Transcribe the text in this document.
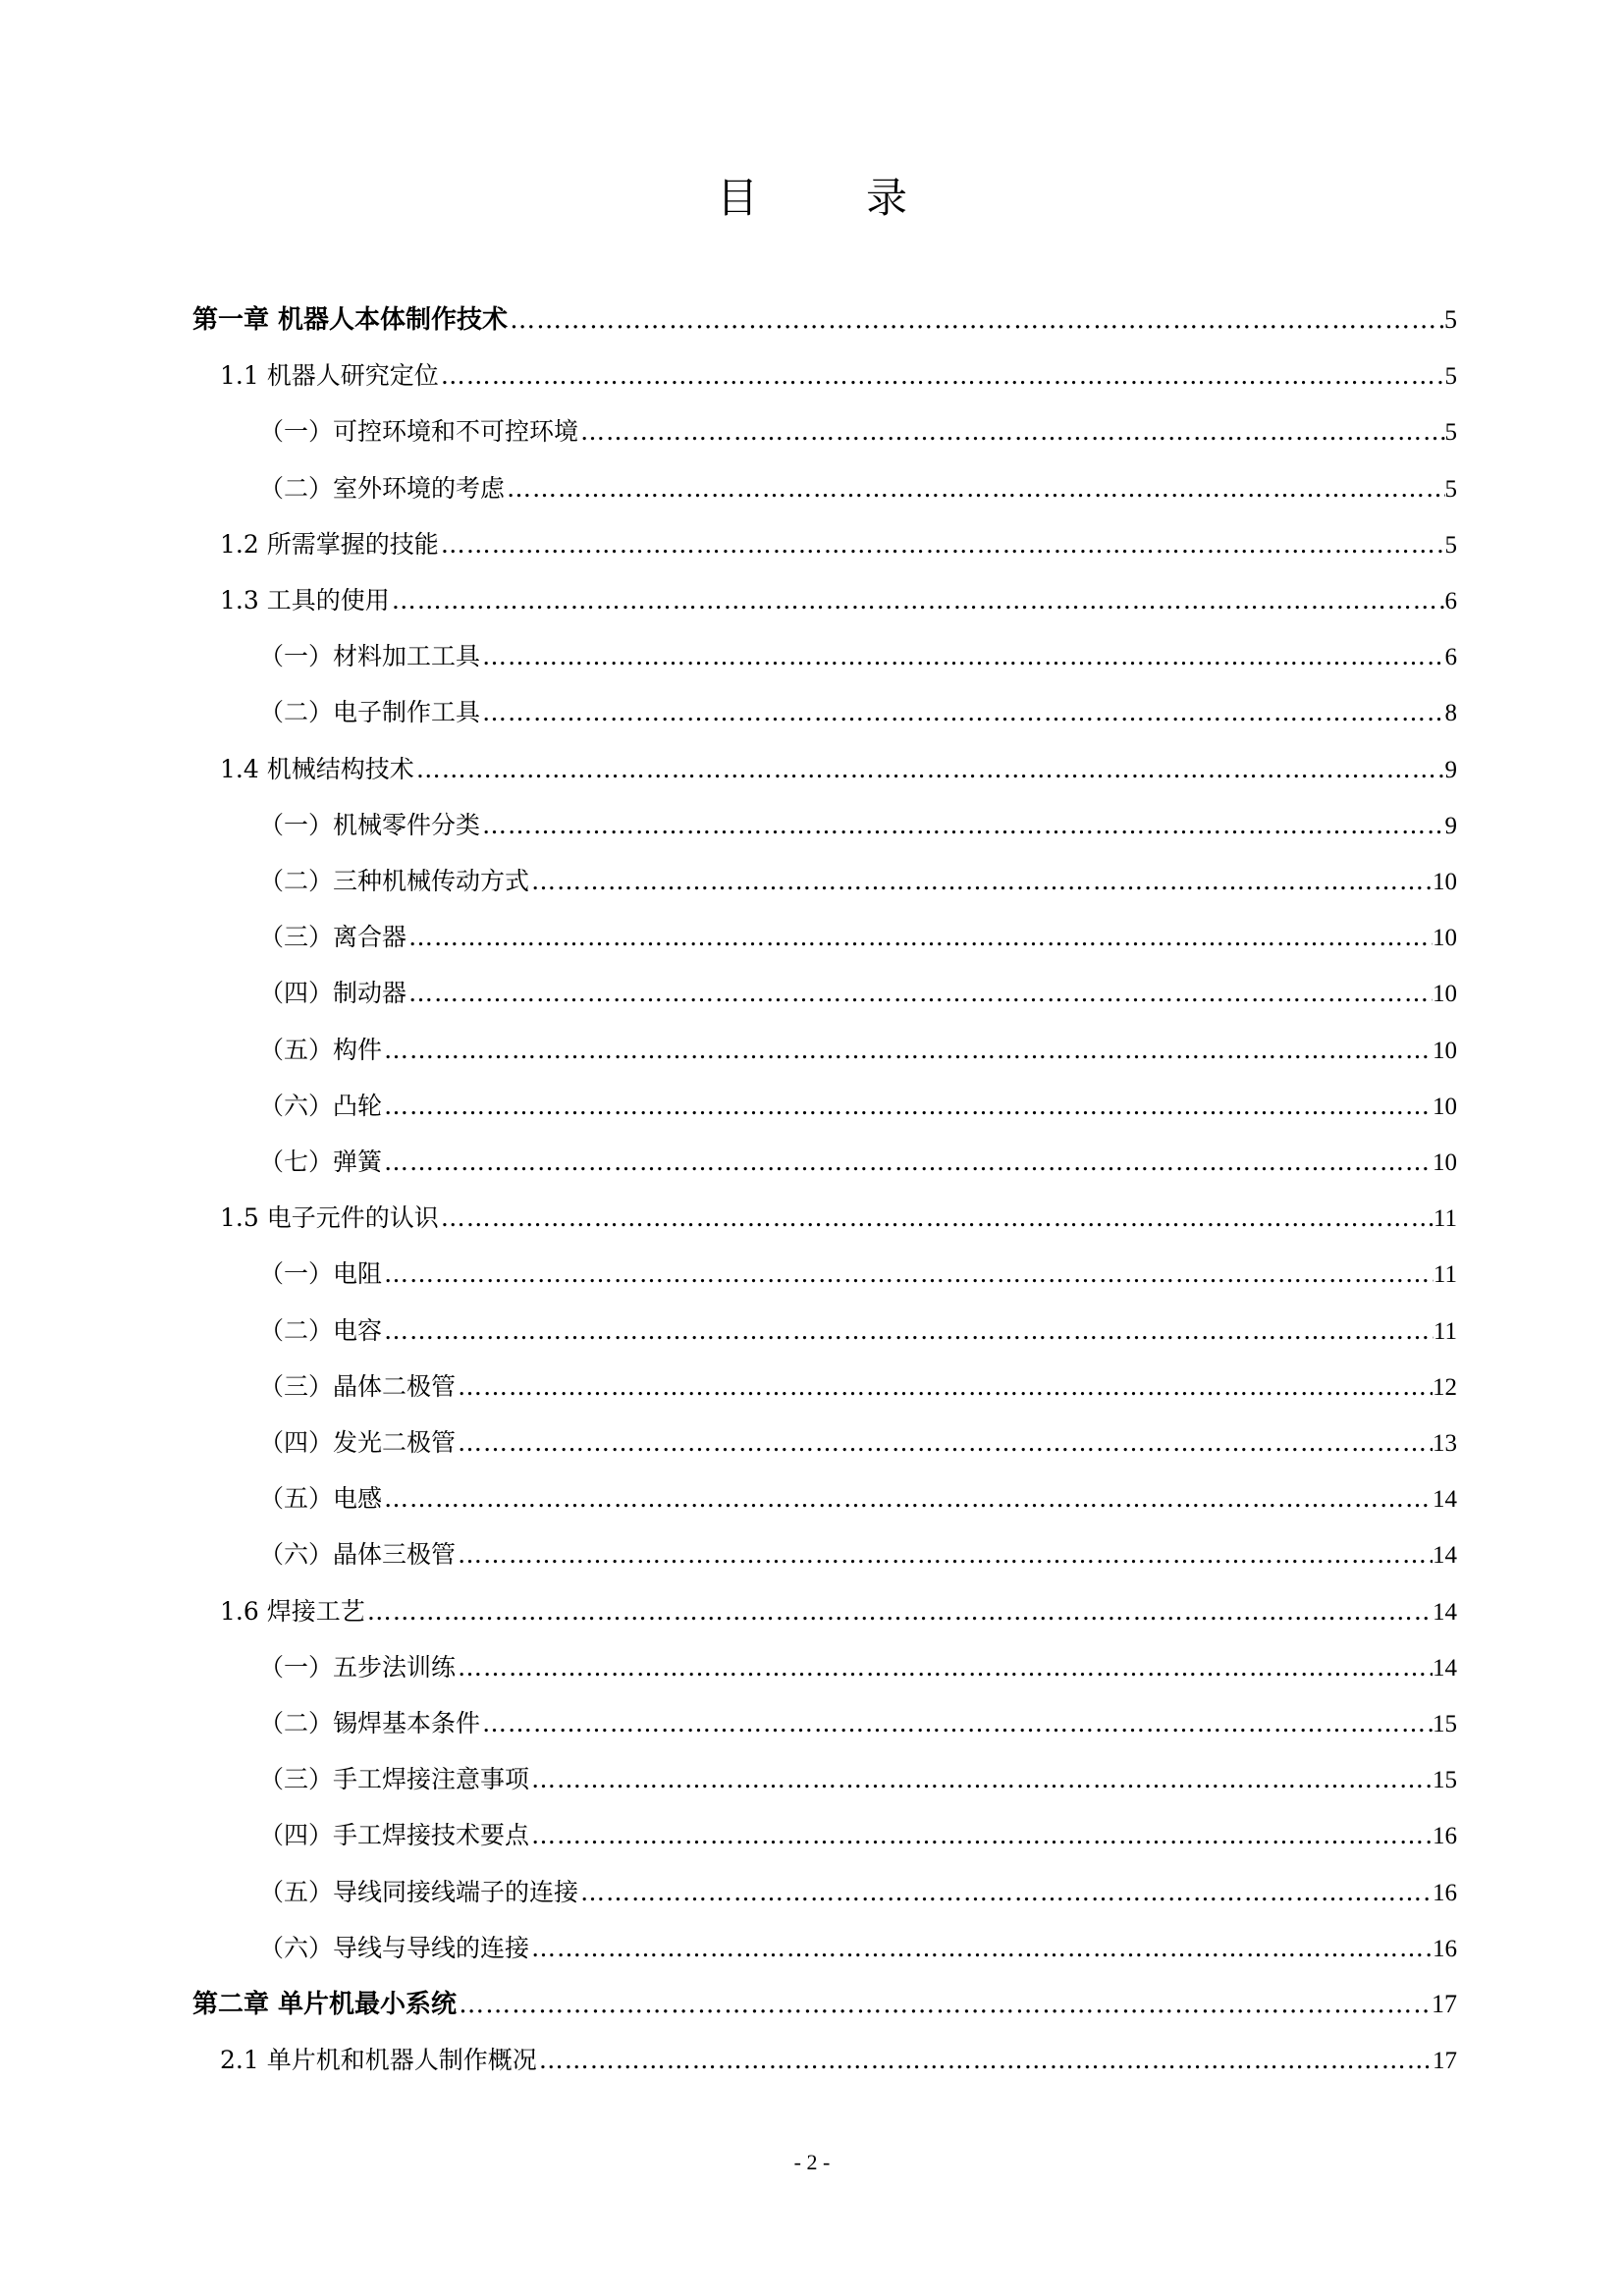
目	录
第一章 机器人本体制作技术 …………………………………………………………………………………………………………………………………………………………………………………………………………………………………………………………	5
1.1 机器人研究定位 …………………………………………………………………………………………………………………………………………………………………………………………………………………………………………………………	5
（一）可控环境和不可控环境 …………………………………………………………………………………………………………………………………………………………………………………………………………………………………………………………	5
（二）室外环境的考虑 …………………………………………………………………………………………………………………………………………………………………………………………………………………………………………………………	5
1.2 所需掌握的技能 …………………………………………………………………………………………………………………………………………………………………………………………………………………………………………………………	5
1.3 工具的使用 …………………………………………………………………………………………………………………………………………………………………………………………………………………………………………………………	6
（一）材料加工工具 …………………………………………………………………………………………………………………………………………………………………………………………………………………………………………………………	6
（二）电子制作工具 …………………………………………………………………………………………………………………………………………………………………………………………………………………………………………………………	8
1.4 机械结构技术 …………………………………………………………………………………………………………………………………………………………………………………………………………………………………………………………	9
（一）机械零件分类 …………………………………………………………………………………………………………………………………………………………………………………………………………………………………………………………	9
（二）三种机械传动方式 …………………………………………………………………………………………………………………………………………………………………………………………………………………………………………………………	10
（三）离合器 …………………………………………………………………………………………………………………………………………………………………………………………………………………………………………………………	10
（四）制动器 …………………………………………………………………………………………………………………………………………………………………………………………………………………………………………………………	10
（五）构件 …………………………………………………………………………………………………………………………………………………………………………………………………………………………………………………………	10
（六）凸轮 …………………………………………………………………………………………………………………………………………………………………………………………………………………………………………………………	10
（七）弹簧 …………………………………………………………………………………………………………………………………………………………………………………………………………………………………………………………	10
1.5 电子元件的认识 …………………………………………………………………………………………………………………………………………………………………………………………………………………………………………………………	11
（一）电阻 …………………………………………………………………………………………………………………………………………………………………………………………………………………………………………………………	11
（二）电容 …………………………………………………………………………………………………………………………………………………………………………………………………………………………………………………………	11
（三）晶体二极管 …………………………………………………………………………………………………………………………………………………………………………………………………………………………………………………………	12
（四）发光二极管 …………………………………………………………………………………………………………………………………………………………………………………………………………………………………………………………	13
（五）电感 …………………………………………………………………………………………………………………………………………………………………………………………………………………………………………………………	14
（六）晶体三极管 …………………………………………………………………………………………………………………………………………………………………………………………………………………………………………………………	14
1.6 焊接工艺 …………………………………………………………………………………………………………………………………………………………………………………………………………………………………………………………	14
（一）五步法训练 …………………………………………………………………………………………………………………………………………………………………………………………………………………………………………………………	14
（二）锡焊基本条件 …………………………………………………………………………………………………………………………………………………………………………………………………………………………………………………………	15
（三）手工焊接注意事项 …………………………………………………………………………………………………………………………………………………………………………………………………………………………………………………………	15
（四）手工焊接技术要点 …………………………………………………………………………………………………………………………………………………………………………………………………………………………………………………………	16
（五）导线同接线端子的连接 …………………………………………………………………………………………………………………………………………………………………………………………………………………………………………………………	16
（六）导线与导线的连接 …………………………………………………………………………………………………………………………………………………………………………………………………………………………………………………………	16
第二章 单片机最小系统 …………………………………………………………………………………………………………………………………………………………………………………………………………………………………………………………	17
2.1 单片机和机器人制作概况 …………………………………………………………………………………………………………………………………………………………………………………………………………………………………………………………	17
- 2 -
